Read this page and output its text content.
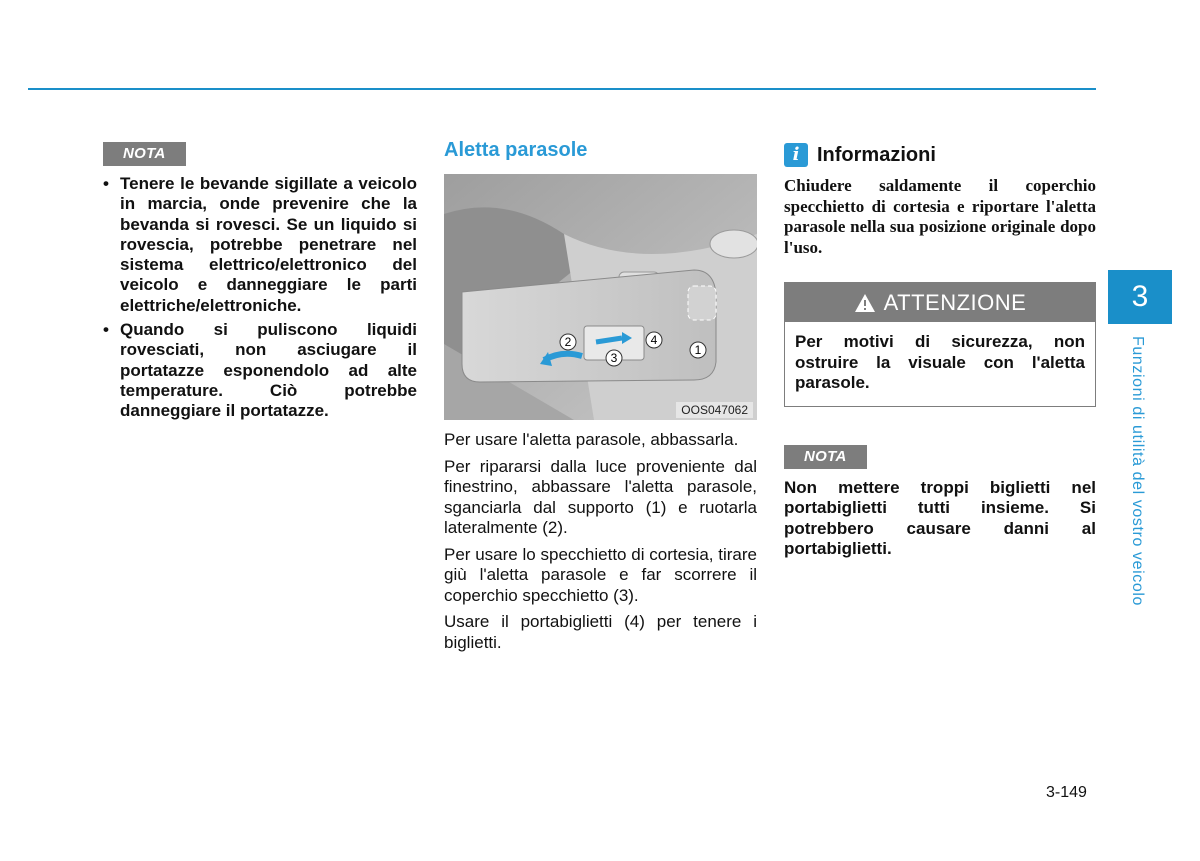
NOTA
• Tenere le bevande sigillate a veicolo in marcia, onde prevenire che la bevanda si rovesci. Se un liquido si rovescia, potrebbe penetrare nel sistema elettrico/elettronico del veicolo e danneggiare le parti elettriche/elettroniche.
• Quando si puliscono liquidi rovesciati, non asciugare il portatazze esponendolo ad alte temperature. Ciò potrebbe danneggiare il portatazze.
Aletta parasole
1
2
3
4
OOS047062

Per usare l'aletta parasole, abbassarla.

Per ripararsi dalla luce proveniente dal finestrino, abbassare l'aletta parasole, sganciarla dal supporto (1) e ruotarla lateralmente (2).

Per usare lo specchietto di cortesia, tirare giù l'aletta parasole e far scorrere il coperchio specchietto (3).

Usare il portabiglietti (4) per tenere i biglietti.

i Informazioni
Chiudere saldamente il coperchio specchietto di cortesia e riportare l'aletta parasole nella sua posizione originale dopo l'uso.
ATTENZIONE
Per motivi di sicurezza, non ostruire la visuale con l'aletta parasole.
NOTA
Non mettere troppi biglietti nel portabiglietti tutti insieme. Si potrebbero causare danni al portabiglietti.
3
Funzioni di utilità del vostro veicolo
3-149
